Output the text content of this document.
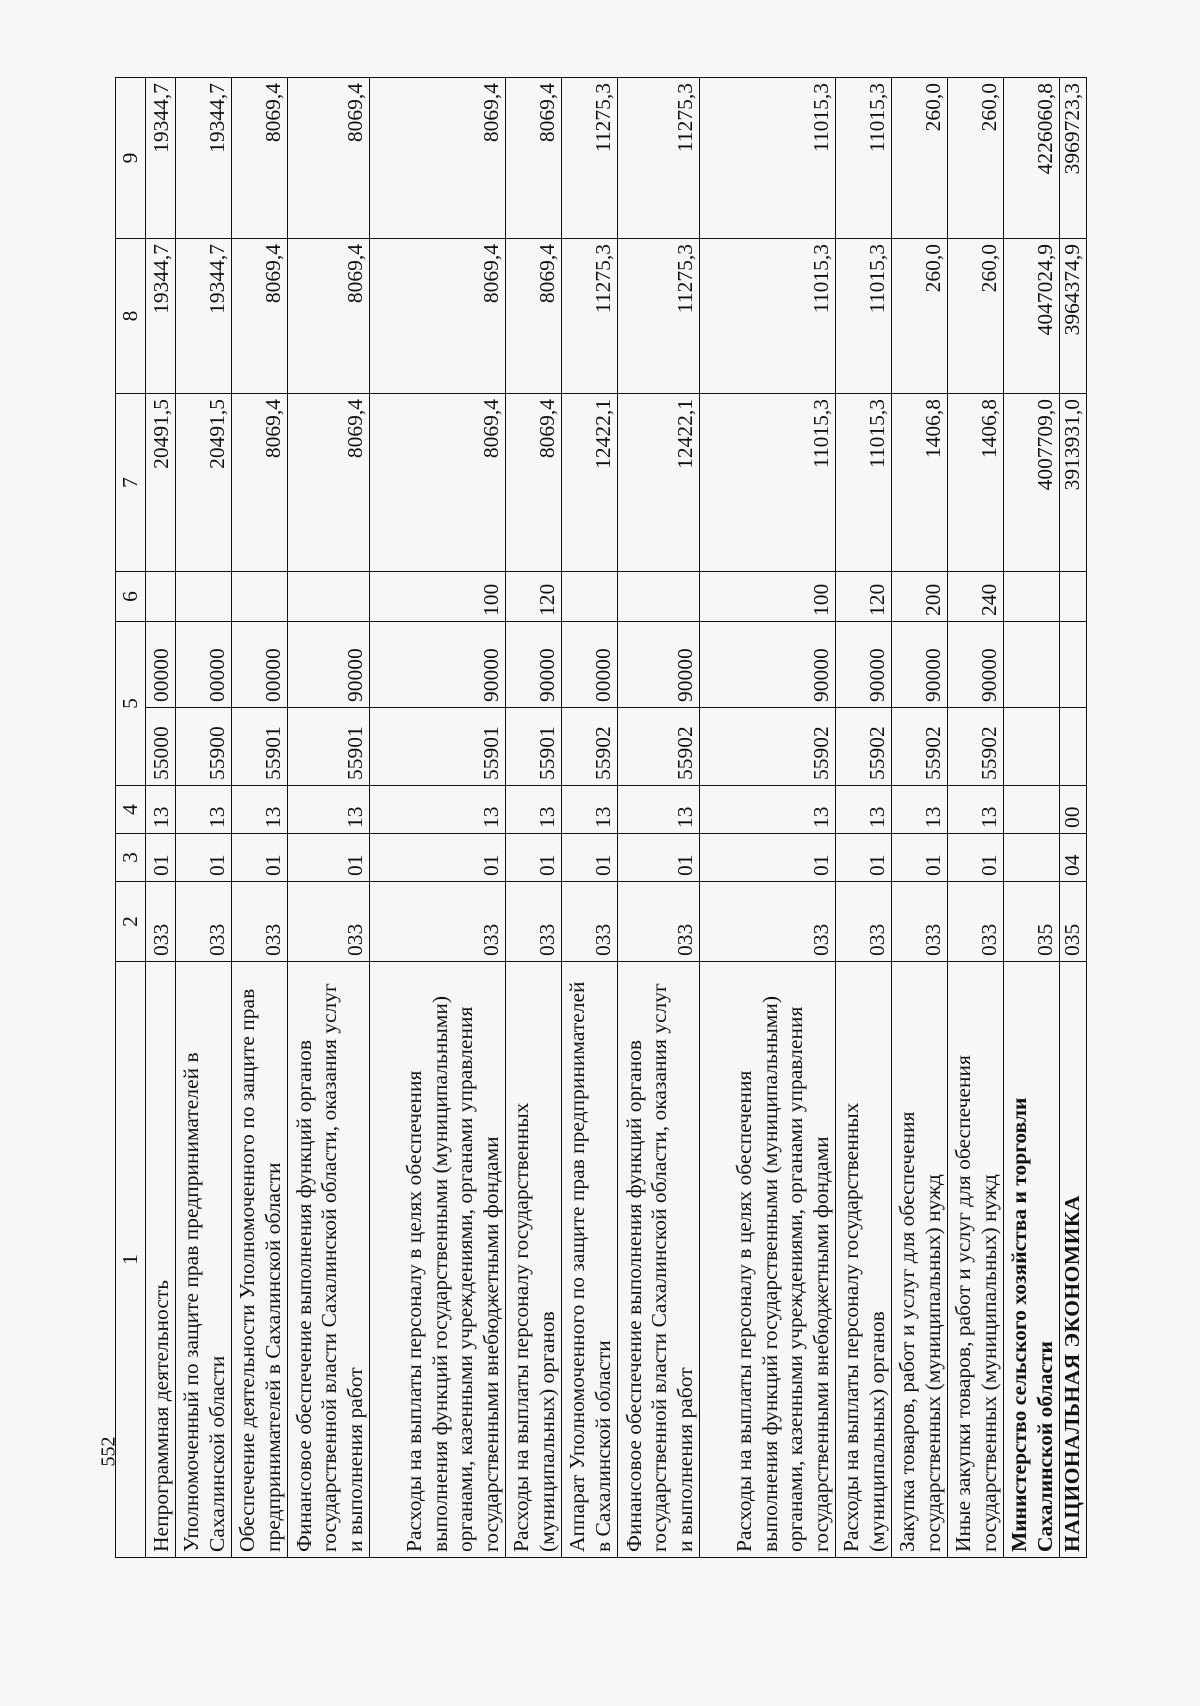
552
1	2	3	4	5		6	7	8	9
Непрограммная деятельность	033	01	13	55000	00000		20491,5	19344,7	19344,7
Уполномоченный по защите прав предпринимателей в Сахалинской области	033	01	13	55900	00000		20491,5	19344,7	19344,7
Обеспечение деятельности Уполномоченного по защите прав предпринимателей в Сахалинской области	033	01	13	55901	00000		8069,4	8069,4	8069,4
Финансовое обеспечение выполнения функций органов государственной власти Сахалинской области, оказания услуг и выполнения работ	033	01	13	55901	90000		8069,4	8069,4	8069,4
Расходы на выплаты персоналу в целях обеспечения выполнения функций государственными (муниципальными) органами, казенными учреждениями, органами управления государственными внебюджетными фондами	033	01	13	55901	90000	100	8069,4	8069,4	8069,4
Расходы на выплаты персоналу государственных (муниципальных) органов	033	01	13	55901	90000	120	8069,4	8069,4	8069,4
Аппарат Уполномоченного по защите прав предпринимателей в Сахалинской области	033	01	13	55902	00000		12422,1	11275,3	11275,3
Финансовое обеспечение выполнения функций органов государственной власти Сахалинской области, оказания услуг и выполнения работ	033	01	13	55902	90000		12422,1	11275,3	11275,3
Расходы на выплаты персоналу в целях обеспечения выполнения функций государственными (муниципальными) органами, казенными учреждениями, органами управления государственными внебюджетными фондами	033	01	13	55902	90000	100	11015,3	11015,3	11015,3
Расходы на выплаты персоналу государственных (муниципальных) органов	033	01	13	55902	90000	120	11015,3	11015,3	11015,3
Закупка товаров, работ и услуг для обеспечения государственных (муниципальных) нужд	033	01	13	55902	90000	200	1406,8	260,0	260,0
Иные закупки товаров, работ и услуг для обеспечения государственных (муниципальных) нужд	033	01	13	55902	90000	240	1406,8	260,0	260,0
Министерство сельского хозяйства и торговли Сахалинской области	035						4007709,0	4047024,9	4226060,8
НАЦИОНАЛЬНАЯ ЭКОНОМИКА	035	04	00				3913931,0	3964374,9	3969723,3
